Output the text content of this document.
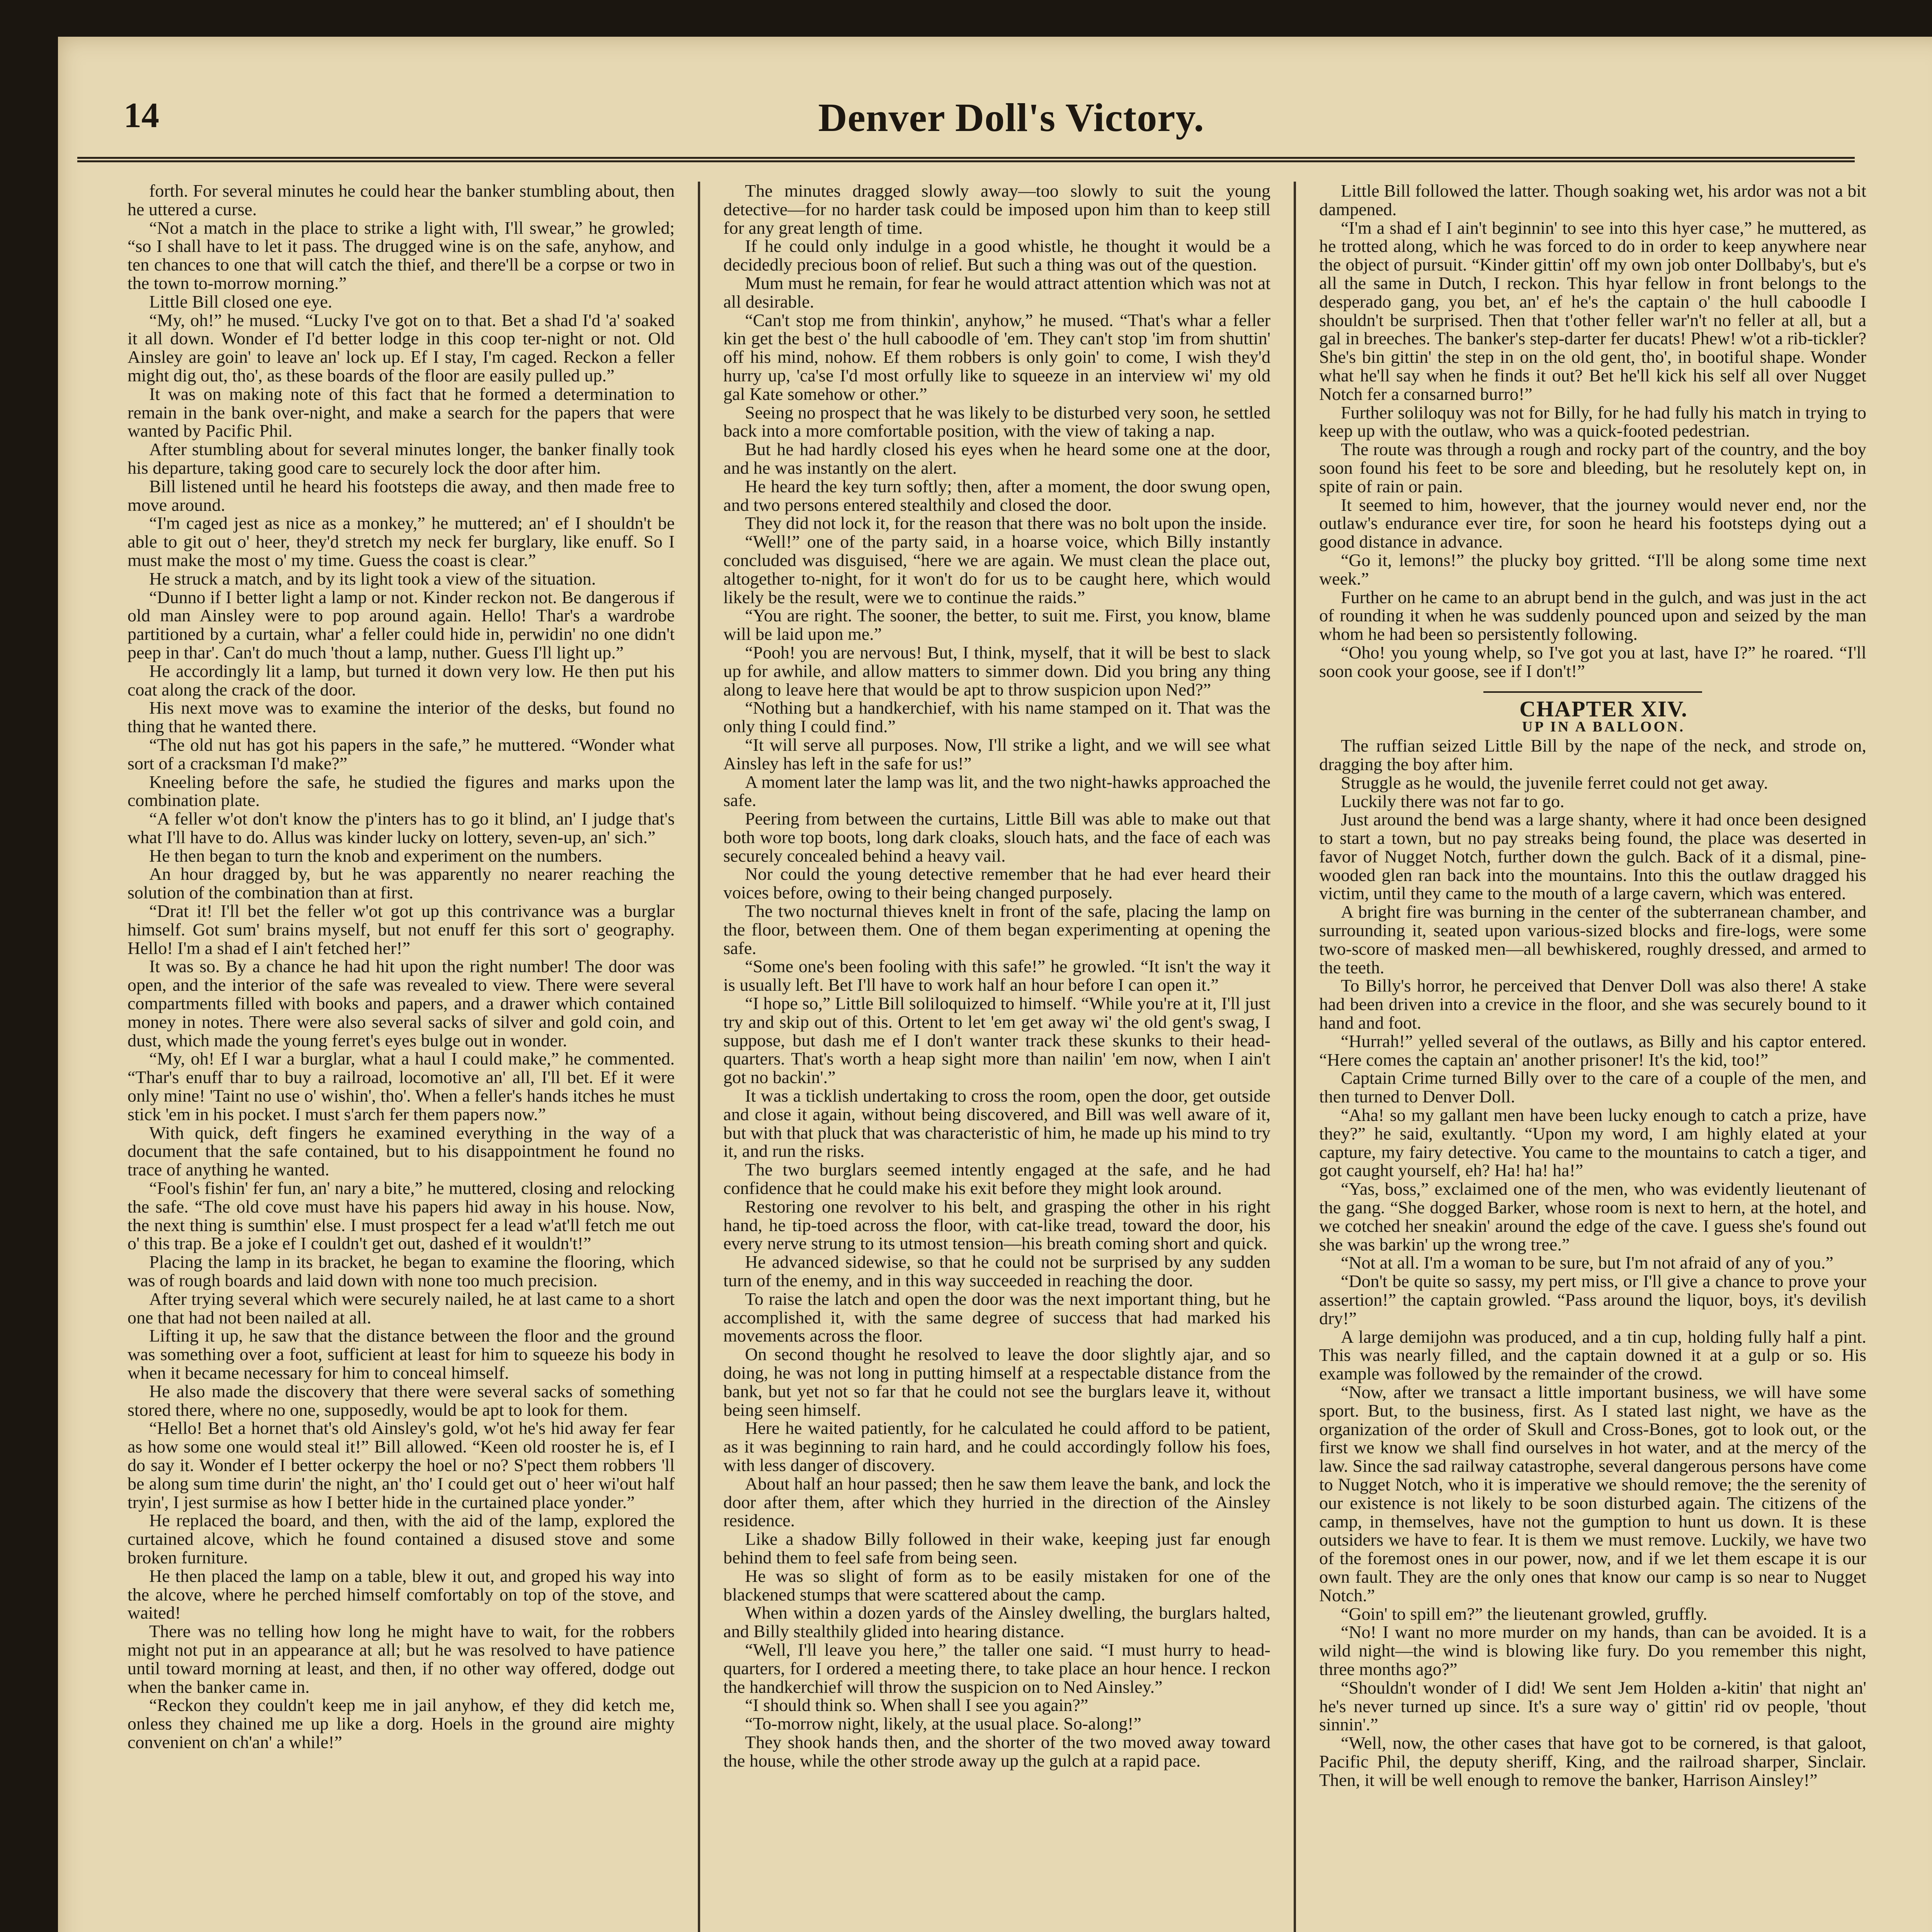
14	Denver Doll's Victory.

forth. For several minutes he could hear the banker stumbling about, then he uttered a curse.

“Not a match in the place to strike a light with, I'll swear,” he growled; “so I shall have to let it pass. The drugged wine is on the safe, anyhow, and ten chances to one that will catch the thief, and there'll be a corpse or two in the town to-morrow morning.”

Little Bill closed one eye.

“My, oh!” he mused. “Lucky I've got on to that. Bet a shad I'd 'a' soaked it all down. Wonder ef I'd better lodge in this coop ter-night or not. Old Ainsley are goin' to leave an' lock up. Ef I stay, I'm caged. Reckon a feller might dig out, tho', as these boards of the floor are easily pulled up.”

It was on making note of this fact that he formed a determination to remain in the bank over-night, and make a search for the papers that were wanted by Pacific Phil.

After stumbling about for several minutes longer, the banker finally took his departure, taking good care to securely lock the door after him.

Bill listened until he heard his footsteps die away, and then made free to move around.

“I'm caged jest as nice as a monkey,” he muttered; an' ef I shouldn't be able to git out o' heer, they'd stretch my neck fer burglary, like enuff. So I must make the most o' my time. Guess the coast is clear.”

He struck a match, and by its light took a view of the situation.

“Dunno if I better light a lamp or not. Kinder reckon not. Be dangerous if old man Ainsley were to pop around again. Hello! Thar's a wardrobe partitioned by a curtain, whar' a feller could hide in, perwidin' no one didn't peep in thar'. Can't do much 'thout a lamp, nuther. Guess I'll light up.”

He accordingly lit a lamp, but turned it down very low. He then put his coat along the crack of the door.

His next move was to examine the interior of the desks, but found no thing that he wanted there.

“The old nut has got his papers in the safe,” he muttered. “Wonder what sort of a cracksman I'd make?”

Kneeling before the safe, he studied the figures and marks upon the combination plate.

“A feller w'ot don't know the p'inters has to go it blind, an' I judge that's what I'll have to do. Allus was kinder lucky on lottery, seven-up, an' sich.”

He then began to turn the knob and experiment on the numbers.

An hour dragged by, but he was apparently no nearer reaching the solution of the combination than at first.

“Drat it! I'll bet the feller w'ot got up this contrivance was a burglar himself. Got sum' brains myself, but not enuff fer this sort o' geography. Hello! I'm a shad ef I ain't fetched her!”

It was so. By a chance he had hit upon the right number! The door was open, and the interior of the safe was revealed to view. There were several compartments filled with books and papers, and a drawer which contained money in notes. There were also several sacks of silver and gold coin, and dust, which made the young ferret's eyes bulge out in wonder.

“My, oh! Ef I war a burglar, what a haul I could make,” he commented. “Thar's enuff thar to buy a railroad, locomotive an' all, I'll bet. Ef it were only mine! 'Taint no use o' wishin', tho'. When a feller's hands itches he must stick 'em in his pocket. I must s'arch fer them papers now.”

With quick, deft fingers he examined everything in the way of a document that the safe contained, but to his disappointment he found no trace of anything he wanted.

“Fool's fishin' fer fun, an' nary a bite,” he muttered, closing and relocking the safe. “The old cove must have his papers hid away in his house. Now, the next thing is sumthin' else. I must prospect fer a lead w'at'll fetch me out o' this trap. Be a joke ef I couldn't get out, dashed ef it wouldn't!”

Placing the lamp in its bracket, he began to examine the flooring, which was of rough boards and laid down with none too much precision.

After trying several which were securely nailed, he at last came to a short one that had not been nailed at all.

Lifting it up, he saw that the distance between the floor and the ground was something over a foot, sufficient at least for him to squeeze his body in when it became necessary for him to conceal himself.

He also made the discovery that there were several sacks of something stored there, where no one, supposedly, would be apt to look for them.

“Hello! Bet a hornet that's old Ainsley's gold, w'ot he's hid away fer fear as how some one would steal it!” Bill allowed. “Keen old rooster he is, ef I do say it. Wonder ef I better ockerpy the hoel or no? S'pect them robbers 'll be along sum time durin' the night, an' tho' I could get out o' heer wi'out half tryin', I jest surmise as how I better hide in the curtained place yonder.”

He replaced the board, and then, with the aid of the lamp, explored the curtained alcove, which he found contained a disused stove and some broken furniture.

He then placed the lamp on a table, blew it out, and groped his way into the alcove, where he perched himself comfortably on top of the stove, and waited!

There was no telling how long he might have to wait, for the robbers might not put in an appearance at all; but he was resolved to have patience until toward morning at least, and then, if no other way offered, dodge out when the banker came in.

“Reckon they couldn't keep me in jail anyhow, ef they did ketch me, onless they chained me up like a dorg. Hoels in the ground aire mighty convenient on ch'an' a while!”

The minutes dragged slowly away—too slowly to suit the young detective—for no harder task could be imposed upon him than to keep still for any great length of time.

If he could only indulge in a good whistle, he thought it would be a decidedly precious boon of relief. But such a thing was out of the question.

Mum must he remain, for fear he would attract attention which was not at all desirable.

“Can't stop me from thinkin', anyhow,” he mused. “That's whar a feller kin get the best o' the hull caboodle of 'em. They can't stop 'im from shuttin' off his mind, nohow. Ef them robbers is only goin' to come, I wish they'd hurry up, 'ca'se I'd most orfully like to squeeze in an interview wi' my old gal Kate somehow or other.”

Seeing no prospect that he was likely to be disturbed very soon, he settled back into a more comfortable position, with the view of taking a nap.

But he had hardly closed his eyes when he heard some one at the door, and he was instantly on the alert.

He heard the key turn softly; then, after a moment, the door swung open, and two persons entered stealthily and closed the door.

They did not lock it, for the reason that there was no bolt upon the inside.

“Well!” one of the party said, in a hoarse voice, which Billy instantly concluded was disguised, “here we are again. We must clean the place out, altogether to-night, for it won't do for us to be caught here, which would likely be the result, were we to continue the raids.”

“You are right. The sooner, the better, to suit me. First, you know, blame will be laid upon me.”

“Pooh! you are nervous! But, I think, myself, that it will be best to slack up for awhile, and allow matters to simmer down. Did you bring any thing along to leave here that would be apt to throw suspicion upon Ned?”

“Nothing but a handkerchief, with his name stamped on it. That was the only thing I could find.”

“It will serve all purposes. Now, I'll strike a light, and we will see what Ainsley has left in the safe for us!”

A moment later the lamp was lit, and the two night-hawks approached the safe.

Peering from between the curtains, Little Bill was able to make out that both wore top boots, long dark cloaks, slouch hats, and the face of each was securely concealed behind a heavy vail.

Nor could the young detective remember that he had ever heard their voices before, owing to their being changed purposely.

The two nocturnal thieves knelt in front of the safe, placing the lamp on the floor, between them. One of them began experimenting at opening the safe.

“Some one's been fooling with this safe!” he growled. “It isn't the way it is usually left. Bet I'll have to work half an hour before I can open it.”

“I hope so,” Little Bill soliloquized to himself. “While you're at it, I'll just try and skip out of this. Ortent to let 'em get away wi' the old gent's swag, I suppose, but dash me ef I don't wanter track these skunks to their head-quarters. That's worth a heap sight more than nailin' 'em now, when I ain't got no backin'.”

It was a ticklish undertaking to cross the room, open the door, get outside and close it again, without being discovered, and Bill was well aware of it, but with that pluck that was characteristic of him, he made up his mind to try it, and run the risks.

The two burglars seemed intently engaged at the safe, and he had confidence that he could make his exit before they might look around.

Restoring one revolver to his belt, and grasping the other in his right hand, he tip-toed across the floor, with cat-like tread, toward the door, his every nerve strung to its utmost tension—his breath coming short and quick.

He advanced sidewise, so that he could not be surprised by any sudden turn of the enemy, and in this way succeeded in reaching the door.

To raise the latch and open the door was the next important thing, but he accomplished it, with the same degree of success that had marked his movements across the floor.

On second thought he resolved to leave the door slightly ajar, and so doing, he was not long in putting himself at a respectable distance from the bank, but yet not so far that he could not see the burglars leave it, without being seen himself.

Here he waited patiently, for he calculated he could afford to be patient, as it was beginning to rain hard, and he could accordingly follow his foes, with less danger of discovery.

About half an hour passed; then he saw them leave the bank, and lock the door after them, after which they hurried in the direction of the Ainsley residence.

Like a shadow Billy followed in their wake, keeping just far enough behind them to feel safe from being seen.

He was so slight of form as to be easily mistaken for one of the blackened stumps that were scattered about the camp.

When within a dozen yards of the Ainsley dwelling, the burglars halted, and Billy stealthily glided into hearing distance.

“Well, I'll leave you here,” the taller one said. “I must hurry to head-quarters, for I ordered a meeting there, to take place an hour hence. I reckon the handkerchief will throw the suspicion on to Ned Ainsley.”

“I should think so. When shall I see you again?”

“To-morrow night, likely, at the usual place. So-along!”

They shook hands then, and the shorter of the two moved away toward the house, while the other strode away up the gulch at a rapid pace.

Little Bill followed the latter. Though soaking wet, his ardor was not a bit dampened.

“I'm a shad ef I ain't beginnin' to see into this hyer case,” he muttered, as he trotted along, which he was forced to do in order to keep anywhere near the object of pursuit. “Kinder gittin' off my own job onter Dollbaby's, but e's all the same in Dutch, I reckon. This hyar fellow in front belongs to the desperado gang, you bet, an' ef he's the captain o' the hull caboodle I shouldn't be surprised. Then that t'other feller war'n't no feller at all, but a gal in breeches. The banker's step-darter fer ducats! Phew! w'ot a rib-tickler? She's bin gittin' the step in on the old gent, tho', in bootiful shape. Wonder what he'll say when he finds it out? Bet he'll kick his self all over Nugget Notch fer a consarned burro!”

Further soliloquy was not for Billy, for he had fully his match in trying to keep up with the outlaw, who was a quick-footed pedestrian.

The route was through a rough and rocky part of the country, and the boy soon found his feet to be sore and bleeding, but he resolutely kept on, in spite of rain or pain.

It seemed to him, however, that the journey would never end, nor the outlaw's endurance ever tire, for soon he heard his footsteps dying out a good distance in advance.

“Go it, lemons!” the plucky boy gritted. “I'll be along some time next week.”

Further on he came to an abrupt bend in the gulch, and was just in the act of rounding it when he was suddenly pounced upon and seized by the man whom he had been so persistently following.

“Oho! you young whelp, so I've got you at last, have I?” he roared. “I'll soon cook your goose, see if I don't!”

CHAPTER XIV.

UP IN A BALLOON.

The ruffian seized Little Bill by the nape of the neck, and strode on, dragging the boy after him.

Struggle as he would, the juvenile ferret could not get away.

Luckily there was not far to go.

Just around the bend was a large shanty, where it had once been designed to start a town, but no pay streaks being found, the place was deserted in favor of Nugget Notch, further down the gulch. Back of it a dismal, pine-wooded glen ran back into the mountains. Into this the outlaw dragged his victim, until they came to the mouth of a large cavern, which was entered.

A bright fire was burning in the center of the subterranean chamber, and surrounding it, seated upon various-sized blocks and fire-logs, were some two-score of masked men—all bewhiskered, roughly dressed, and armed to the teeth.

To Billy's horror, he perceived that Denver Doll was also there! A stake had been driven into a crevice in the floor, and she was securely bound to it hand and foot.

“Hurrah!” yelled several of the outlaws, as Billy and his captor entered. “Here comes the captain an' another prisoner! It's the kid, too!”

Captain Crime turned Billy over to the care of a couple of the men, and then turned to Denver Doll.

“Aha! so my gallant men have been lucky enough to catch a prize, have they?” he said, exultantly. “Upon my word, I am highly elated at your capture, my fairy detective. You came to the mountains to catch a tiger, and got caught yourself, eh? Ha! ha! ha!”

“Yas, boss,” exclaimed one of the men, who was evidently lieutenant of the gang. “She dogged Barker, whose room is next to hern, at the hotel, and we cotched her sneakin' around the edge of the cave. I guess she's found out she was barkin' up the wrong tree.”

“Not at all. I'm a woman to be sure, but I'm not afraid of any of you.”

“Don't be quite so sassy, my pert miss, or I'll give a chance to prove your assertion!” the captain growled. “Pass around the liquor, boys, it's devilish dry!”

A large demijohn was produced, and a tin cup, holding fully half a pint. This was nearly filled, and the captain downed it at a gulp or so. His example was followed by the remainder of the crowd.

“Now, after we transact a little important business, we will have some sport. But, to the business, first. As I stated last night, we have as the organization of the order of Skull and Cross-Bones, got to look out, or the first we know we shall find ourselves in hot water, and at the mercy of the law. Since the sad railway catastrophe, several dangerous persons have come to Nugget Notch, who it is imperative we should remove; the the serenity of our existence is not likely to be soon disturbed again. The citizens of the camp, in themselves, have not the gumption to hunt us down. It is these outsiders we have to fear. It is them we must remove. Luckily, we have two of the foremost ones in our power, now, and if we let them escape it is our own fault. They are the only ones that know our camp is so near to Nugget Notch.”

“Goin' to spill em?” the lieutenant growled, gruffly.

“No! I want no more murder on my hands, than can be avoided. It is a wild night—the wind is blowing like fury. Do you remember this night, three months ago?”

“Shouldn't wonder of I did! We sent Jem Holden a-kitin' that night an' he's never turned up since. It's a sure way o' gittin' rid ov people, 'thout sinnin'.”

“Well, now, the other cases that have got to be cornered, is that galoot, Pacific Phil, the deputy sheriff, King, and the railroad sharper, Sinclair. Then, it will be well enough to remove the banker, Harrison Ainsley!”
